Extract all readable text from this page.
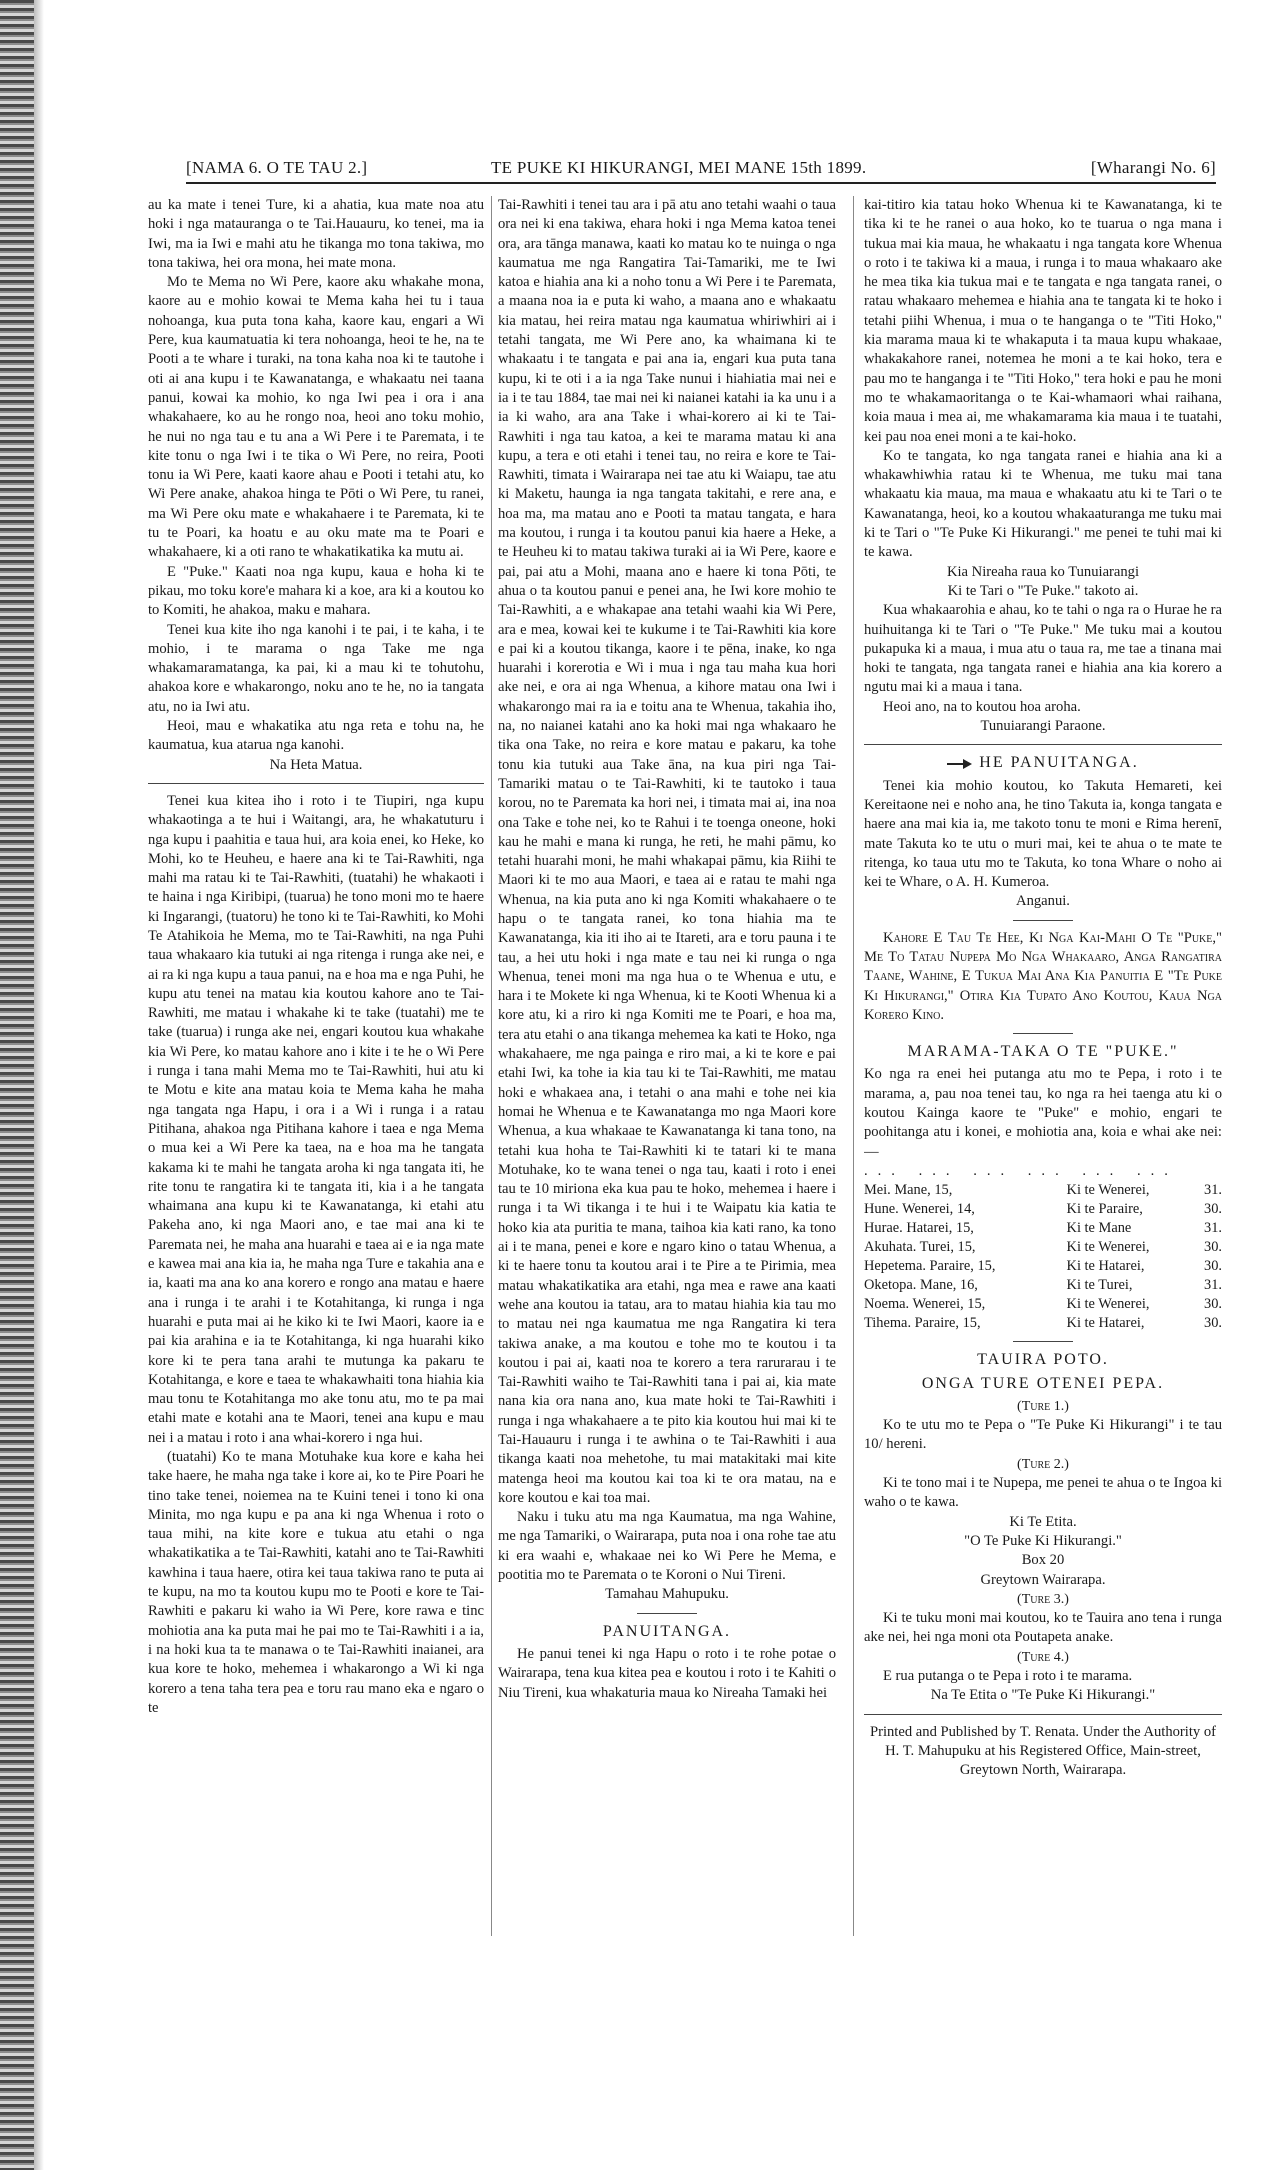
[NAMA 6. O TE TAU 2.]	TE PUKE KI HIKURANGI, MEI MANE 15th 1899.	[Wharangi No. 6]

au ka mate i tenei Ture, ki a ahatia, kua mate noa atu hoki i nga matauranga o te Tai.Hauauru, ko tenei, ma ia Iwi, ma ia Iwi e mahi atu he tikanga mo tona takiwa, mo tona takiwa, hei ora mona, hei mate mona.

Mo te Mema no Wi Pere, kaore aku whakahe mona, kaore au e mohio kowai te Mema kaha hei tu i taua nohoanga, kua puta tona kaha, kaore kau, engari a Wi Pere, kua kaumatuatia ki tera nohoanga, heoi te he, na te Pooti a te whare i turaki, na tona kaha noa ki te tautohe i oti ai ana kupu i te Kawanatanga, e whakaatu nei taana panui, kowai ka mohio, ko nga Iwi pea i ora i ana whakahaere, ko au he rongo noa, heoi ano toku mohio, he nui no nga tau e tu ana a Wi Pere i te Paremata, i te kite tonu o nga Iwi i te tika o Wi Pere, no reira, Pooti tonu ia Wi Pere, kaati kaore ahau e Pooti i tetahi atu, ko Wi Pere anake, ahakoa hinga te Pōti o Wi Pere, tu ranei, ma Wi Pere oku mate e whakahaere i te Paremata, ki te tu te Poari, ka hoatu e au oku mate ma te Poari e whakahaere, ki a oti rano te whakatikatika ka mutu ai.

E "Puke." Kaati noa nga kupu, kaua e hoha ki te pikau, mo toku kore'e mahara ki a koe, ara ki a koutou ko to Komiti, he ahakoa, maku e mahara.

Tenei kua kite iho nga kanohi i te pai, i te kaha, i te mohio, i te marama o nga Take me nga whakamaramatanga, ka pai, ki a mau ki te tohutohu, ahakoa kore e whakarongo, noku ano te he, no ia tangata atu, no ia Iwi atu.

Heoi, mau e whakatika atu nga reta e tohu na, he kaumatua, kua atarua nga kanohi.

Na Heta Matua.

Tenei kua kitea iho i roto i te Tiupiri, nga kupu whakaotinga a te hui i Waitangi, ara, he whakatuturu i nga kupu i paahitia e taua hui, ara koia enei, ko Heke, ko Mohi, ko te Heuheu, e haere ana ki te Tai-Rawhiti, nga mahi ma ratau ki te Tai-Rawhiti, (tuatahi) he whakaoti i te haina i nga Kiribipi, (tuarua) he tono moni mo te haere ki Ingarangi, (tuatoru) he tono ki te Tai-Rawhiti, ko Mohi Te Atahikoia he Mema, mo te Tai-Rawhiti, na nga Puhi taua whakaaro kia tutuki ai nga ritenga i runga ake nei, e ai ra ki nga kupu a taua panui, na e hoa ma e nga Puhi, he kupu atu tenei na matau kia koutou kahore ano te Tai-Rawhiti, me matau i whakahe ki te take (tuatahi) me te take (tuarua) i runga ake nei, engari koutou kua whakahe kia Wi Pere, ko matau kahore ano i kite i te he o Wi Pere i runga i tana mahi Mema mo te Tai-Rawhiti, hui atu ki te Motu e kite ana matau koia te Mema kaha he maha nga tangata nga Hapu, i ora i a Wi i runga i a ratau Pitihana, ahakoa nga Pitihana kahore i taea e nga Mema o mua kei a Wi Pere ka taea, na e hoa ma he tangata kakama ki te mahi he tangata aroha ki nga tangata iti, he rite tonu te rangatira ki te tangata iti, kia i a he tangata whaimana ana kupu ki te Kawanatanga, ki etahi atu Pakeha ano, ki nga Maori ano, e tae mai ana ki te Paremata nei, he maha ana huarahi e taea ai e ia nga mate e kawea mai ana kia ia, he maha nga Ture e takahia ana e ia, kaati ma ana ko ana korero e rongo ana matau e haere ana i runga i te arahi i te Kotahitanga, ki runga i nga huarahi e puta mai ai he kiko ki te Iwi Maori, kaore ia e pai kia arahina e ia te Kotahitanga, ki nga huarahi kiko kore ki te pera tana arahi te mutunga ka pakaru te Kotahitanga, e kore e taea te whakawhaiti tona hiahia kia mau tonu te Kotahitanga mo ake tonu atu, mo te pa mai etahi mate e kotahi ana te Maori, tenei ana kupu e mau nei i a matau i roto i ana whai-korero i nga hui.

(tuatahi) Ko te mana Motuhake kua kore e kaha hei take haere, he maha nga take i kore ai, ko te Pire Poari he tino take tenei, noiemea na te Kuini tenei i tono ki ona Minita, mo nga kupu e pa ana ki nga Whenua i roto o taua mihi, na kite kore e tukua atu etahi o nga whakatikatika a te Tai-Rawhiti, katahi ano te Tai-Rawhiti kawhina i taua haere, otira kei taua takiwa rano te puta ai te kupu, na mo ta koutou kupu mo te Pooti e kore te Tai-Rawhiti e pakaru ki waho ia Wi Pere, kore rawa e tinc mohiotia ana ka puta mai he pai mo te Tai-Rawhiti i a ia, i na hoki kua ta te manawa o te Tai-Rawhiti inaianei, ara kua kore te hoko, mehemea i whakarongo a Wi ki nga korero a tena taha tera pea e toru rau mano eka e ngaro o te

Tai-Rawhiti i tenei tau ara i pā atu ano tetahi waahi o taua ora nei ki ena takiwa, ehara hoki i nga Mema katoa tenei ora, ara tānga manawa, kaati ko matau ko te nuinga o nga kaumatua me nga Rangatira Tai-Tamariki, me te Iwi katoa e hiahia ana ki a noho tonu a Wi Pere i te Paremata, a maana noa ia e puta ki waho, a maana ano e whakaatu kia matau, hei reira matau nga kaumatua whiriwhiri ai i tetahi tangata, me Wi Pere ano, ka whaimana ki te whakaatu i te tangata e pai ana ia, engari kua puta tana kupu, ki te oti i a ia nga Take nunui i hiahiatia mai nei e ia i te tau 1884, tae mai nei ki naianei katahi ia ka unu i a ia ki waho, ara ana Take i whai-korero ai ki te Tai-Rawhiti i nga tau katoa, a kei te marama matau ki ana kupu, a tera e oti etahi i tenei tau, no reira e kore te Tai-Rawhiti, timata i Wairarapa nei tae atu ki Waiapu, tae atu ki Maketu, haunga ia nga tangata takitahi, e rere ana, e hoa ma, ma matau ano e Pooti ta matau tangata, e hara ma koutou, i runga i ta koutou panui kia haere a Heke, a te Heuheu ki to matau takiwa turaki ai ia Wi Pere, kaore e pai, pai atu a Mohi, maana ano e haere ki tona Pōti, te ahua o ta koutou panui e penei ana, he Iwi kore mohio te Tai-Rawhiti, a e whakapae ana tetahi waahi kia Wi Pere, ara e mea, kowai kei te kukume i te Tai-Rawhiti kia kore e pai ki a koutou tikanga, kaore i te pēna, inake, ko nga huarahi i korerotia e Wi i mua i nga tau maha kua hori ake nei, e ora ai nga Whenua, a kihore matau ona Iwi i whakarongo mai ra ia e toitu ana te Whenua, takahia iho, na, no naianei katahi ano ka hoki mai nga whakaaro he tika ona Take, no reira e kore matau e pakaru, ka tohe tonu kia tutuki aua Take āna, na kua piri nga Tai-Tamariki matau o te Tai-Rawhiti, ki te tautoko i taua korou, no te Paremata ka hori nei, i timata mai ai, ina noa ona Take e tohe nei, ko te Rahui i te toenga oneone, hoki kau he mahi e mana ki runga, he reti, he mahi pāmu, ko tetahi huarahi moni, he mahi whakapai pāmu, kia Riihi te Maori ki te mo aua Maori, e taea ai e ratau te mahi nga Whenua, na kia puta ano ki nga Komiti whakahaere o te hapu o te tangata ranei, ko tona hiahia ma te Kawanatanga, kia iti iho ai te Itareti, ara e toru pauna i te tau, a hei utu hoki i nga mate e tau nei ki runga o nga Whenua, tenei moni ma nga hua o te Whenua e utu, e hara i te Mokete ki nga Whenua, ki te Kooti Whenua ki a kore atu, ki a riro ki nga Komiti me te Poari, e hoa ma, tera atu etahi o ana tikanga mehemea ka kati te Hoko, nga whakahaere, me nga painga e riro mai, a ki te kore e pai etahi Iwi, ka tohe ia kia tau ki te Tai-Rawhiti, me matau hoki e whakaea ana, i tetahi o ana mahi e tohe nei kia homai he Whenua e te Kawanatanga mo nga Maori kore Whenua, a kua whakaae te Kawanatanga ki tana tono, na tetahi kua hoha te Tai-Rawhiti ki te tatari ki te mana Motuhake, ko te wana tenei o nga tau, kaati i roto i enei tau te 10 miriona eka kua pau te hoko, mehemea i haere i runga i ta Wi tikanga i te hui i te Waipatu kia katia te hoko kia ata puritia te mana, taihoa kia kati rano, ka tono ai i te mana, penei e kore e ngaro kino o tatau Whenua, a ki te haere tonu ta koutou arai i te Pire a te Pirimia, mea matau whakatikatika ara etahi, nga mea e rawe ana kaati wehe ana koutou ia tatau, ara to matau hiahia kia tau mo to matau nei nga kaumatua me nga Rangatira ki tera takiwa anake, a ma koutou e tohe mo te koutou i ta koutou i pai ai, kaati noa te korero a tera rarurarau i te Tai-Rawhiti waiho te Tai-Rawhiti tana i pai ai, kia mate nana kia ora nana ano, kua mate hoki te Tai-Rawhiti i runga i nga whakahaere a te pito kia koutou hui mai ki te Tai-Hauauru i runga i te awhina o te Tai-Rawhiti i aua tikanga kaati noa mehetohe, tu mai matakitaki mai kite matenga heoi ma koutou kai toa ki te ora matau, na e kore koutou e kai toa mai.

Naku i tuku atu ma nga Kaumatua, ma nga Wahine, me nga Tamariki, o Wairarapa, puta noa i ona rohe tae atu ki era waahi e, whakaae nei ko Wi Pere he Mema, e pootitia mo te Paremata o te Koroni o Nui Tireni.

Tamahau Mahupuku.

PANUITANGA.

He panui tenei ki nga Hapu o roto i te rohe potae o Wairarapa, tena kua kitea pea e koutou i roto i te Kahiti o Niu Tireni, kua whakaturia maua ko Nireaha Tamaki hei

kai-titiro kia tatau hoko Whenua ki te Kawanatanga, ki te tika ki te he ranei o aua hoko, ko te tuarua o nga mana i tukua mai kia maua, he whakaatu i nga tangata kore Whenua o roto i te takiwa ki a maua, i runga i to maua whakaaro ake he mea tika kia tukua mai e te tangata e nga tangata ranei, o ratau whakaaro mehemea e hiahia ana te tangata ki te hoko i tetahi piihi Whenua, i mua o te hanganga o te "Titi Hoko," kia marama maua ki te whakaputa i ta maua kupu whakaae, whakakahore ranei, notemea he moni a te kai hoko, tera e pau mo te hanganga i te "Titi Hoko," tera hoki e pau he moni mo te whakamaoritanga o te Kai-whamaori whai raihana, koia maua i mea ai, me whakamarama kia maua i te tuatahi, kei pau noa enei moni a te kai-hoko.

Ko te tangata, ko nga tangata ranei e hiahia ana ki a whakawhiwhia ratau ki te Whenua, me tuku mai tana whakaatu kia maua, ma maua e whakaatu atu ki te Tari o te Kawanatanga, heoi, ko a koutou whakaaturanga me tuku mai ki te Tari o "Te Puke Ki Hikurangi." me penei te tuhi mai ki te kawa.

Kia Nireaha raua ko Tunuiarangi

Ki te Tari o "Te Puke." takoto ai.

Kua whakaarohia e ahau, ko te tahi o nga ra o Hurae he ra huihuitanga ki te Tari o "Te Puke." Me tuku mai a koutou pukapuka ki a maua, i mua atu o taua ra, me tae a tinana mai hoki te tangata, nga tangata ranei e hiahia ana kia korero a ngutu mai ki a maua i tana.

Heoi ano, na to koutou hoa aroha.

Tunuiarangi Paraone.

HE PANUITANGA.

Tenei kia mohio koutou, ko Takuta Hemareti, kei Kereitaone nei e noho ana, he tino Takuta ia, konga tangata e haere ana mai kia ia, me takoto tonu te moni e Rima herenī, mate Takuta ko te utu o muri mai, kei te ahua o te mate te ritenga, ko taua utu mo te Takuta, ko tona Whare o noho ai kei te Whare, o A. H. Kumeroa.

Anganui.

Kahore E Tau Te Hee, Ki Nga Kai-Mahi O Te "Puke," Me To Tatau Nupepa Mo Nga Whakaaro, Anga Rangatira Taane, Wahine, E Tukua Mai Ana Kia Panuitia E "Te Puke Ki Hikurangi," Otira Kia Tupato Ano Koutou, Kaua Nga Korero Kino.

MARAMA-TAKA O TE "PUKE."

Ko nga ra enei hei putanga atu mo te Pepa, i roto i te marama, a, pau noa tenei tau, ko nga ra hei taenga atu ki o koutou Kainga kaore te "Puke" e mohio, engari te poohitanga atu i konei, e mohiotia ana, koia e whai ake nei:—

... ... ... ... ... ...
Mei. Mane, 15,	Ki te Wenerei,	31.
Hune. Wenerei, 14,	Ki te Paraire,	30.
Hurae. Hatarei, 15,	Ki te Mane	31.
Akuhata. Turei, 15,	Ki te Wenerei,	30.
Hepetema. Paraire, 15,	Ki te Hatarei,	30.
Oketopa. Mane, 16,	Ki te Turei,	31.
Noema. Wenerei, 15,	Ki te Wenerei,	30.
Tihema. Paraire, 15,	Ki te Hatarei,	30.
TAUIRA POTO.
ONGA TURE OTENEI PEPA.
(Ture 1.)

Ko te utu mo te Pepa o "Te Puke Ki Hikurangi" i te tau 10/ hereni.

(Ture 2.)

Ki te tono mai i te Nupepa, me penei te ahua o te Ingoa ki waho o te kawa.

Ki Te Etita.

"O Te Puke Ki Hikurangi."

Box 20

Greytown Wairarapa.

(Ture 3.)

Ki te tuku moni mai koutou, ko te Tauira ano tena i runga ake nei, hei nga moni ota Poutapeta anake.

(Ture 4.)

E rua putanga o te Pepa i roto i te marama.

Na Te Etita o "Te Puke Ki Hikurangi."

Printed and Published by T. Renata. Under the Authority of H. T. Mahupuku at his Registered Office, Main-street, Greytown North, Wairarapa.
